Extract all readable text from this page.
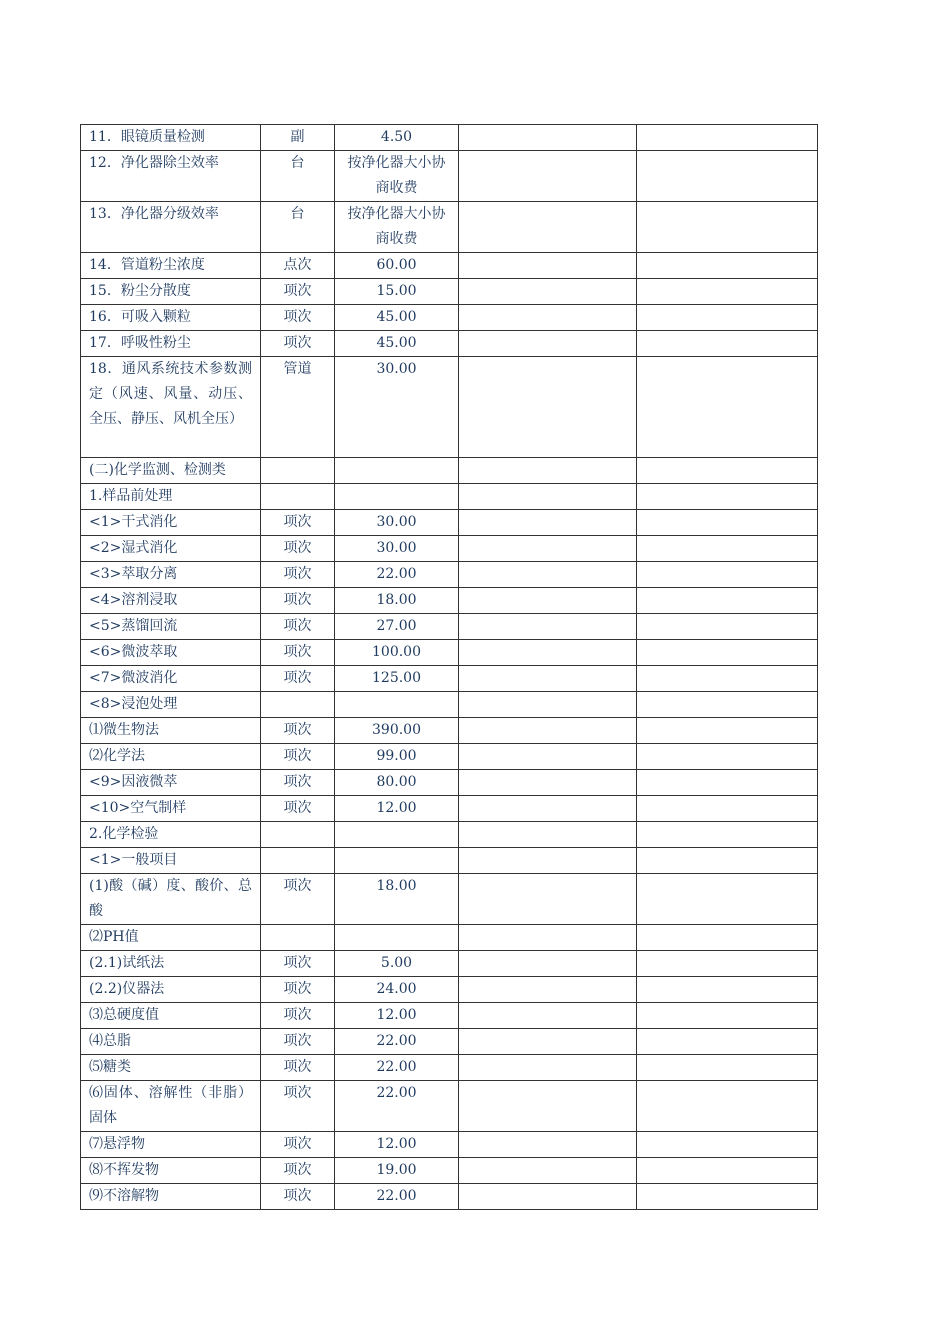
11．眼镜质量检测	副	4.50		

12．净化器除尘效率	台	按净化器大小协商收费		

13．净化器分级效率	台	按净化器大小协商收费		

14．管道粉尘浓度	点次	60.00		

15．粉尘分散度	项次	15.00		

16．可吸入颗粒	项次	45.00		

17．呼吸性粉尘	项次	45.00		

18．通风系统技术参数测定（风速、风量、动压、全压、静压、风机全压）	管道	30.00		

(二)化学监测、检测类				

1.样品前处理				

<1>干式消化	项次	30.00		

<2>湿式消化	项次	30.00		

<3>萃取分离	项次	22.00		

<4>溶剂浸取	项次	18.00		

<5>蒸馏回流	项次	27.00		

<6>微波萃取	项次	100.00		

<7>微波消化	项次	125.00		

<8>浸泡处理				

⑴微生物法	项次	390.00		

⑵化学法	项次	99.00		

<9>因液微萃	项次	80.00		

<10>空气制样	项次	12.00		

2.化学检验				

<1>一般项目				

(1)酸（碱）度、酸价、总酸	项次	18.00		

⑵PH值				

(2.1)试纸法	项次	5.00		

(2.2)仪器法	项次	24.00		

⑶总硬度值	项次	12.00		

⑷总脂	项次	22.00		

⑸糖类	项次	22.00		

⑹固体、溶解性（非脂）固体	项次	22.00		

⑺悬浮物	项次	12.00		

⑻不挥发物	项次	19.00		

⑼不溶解物	项次	22.00		
